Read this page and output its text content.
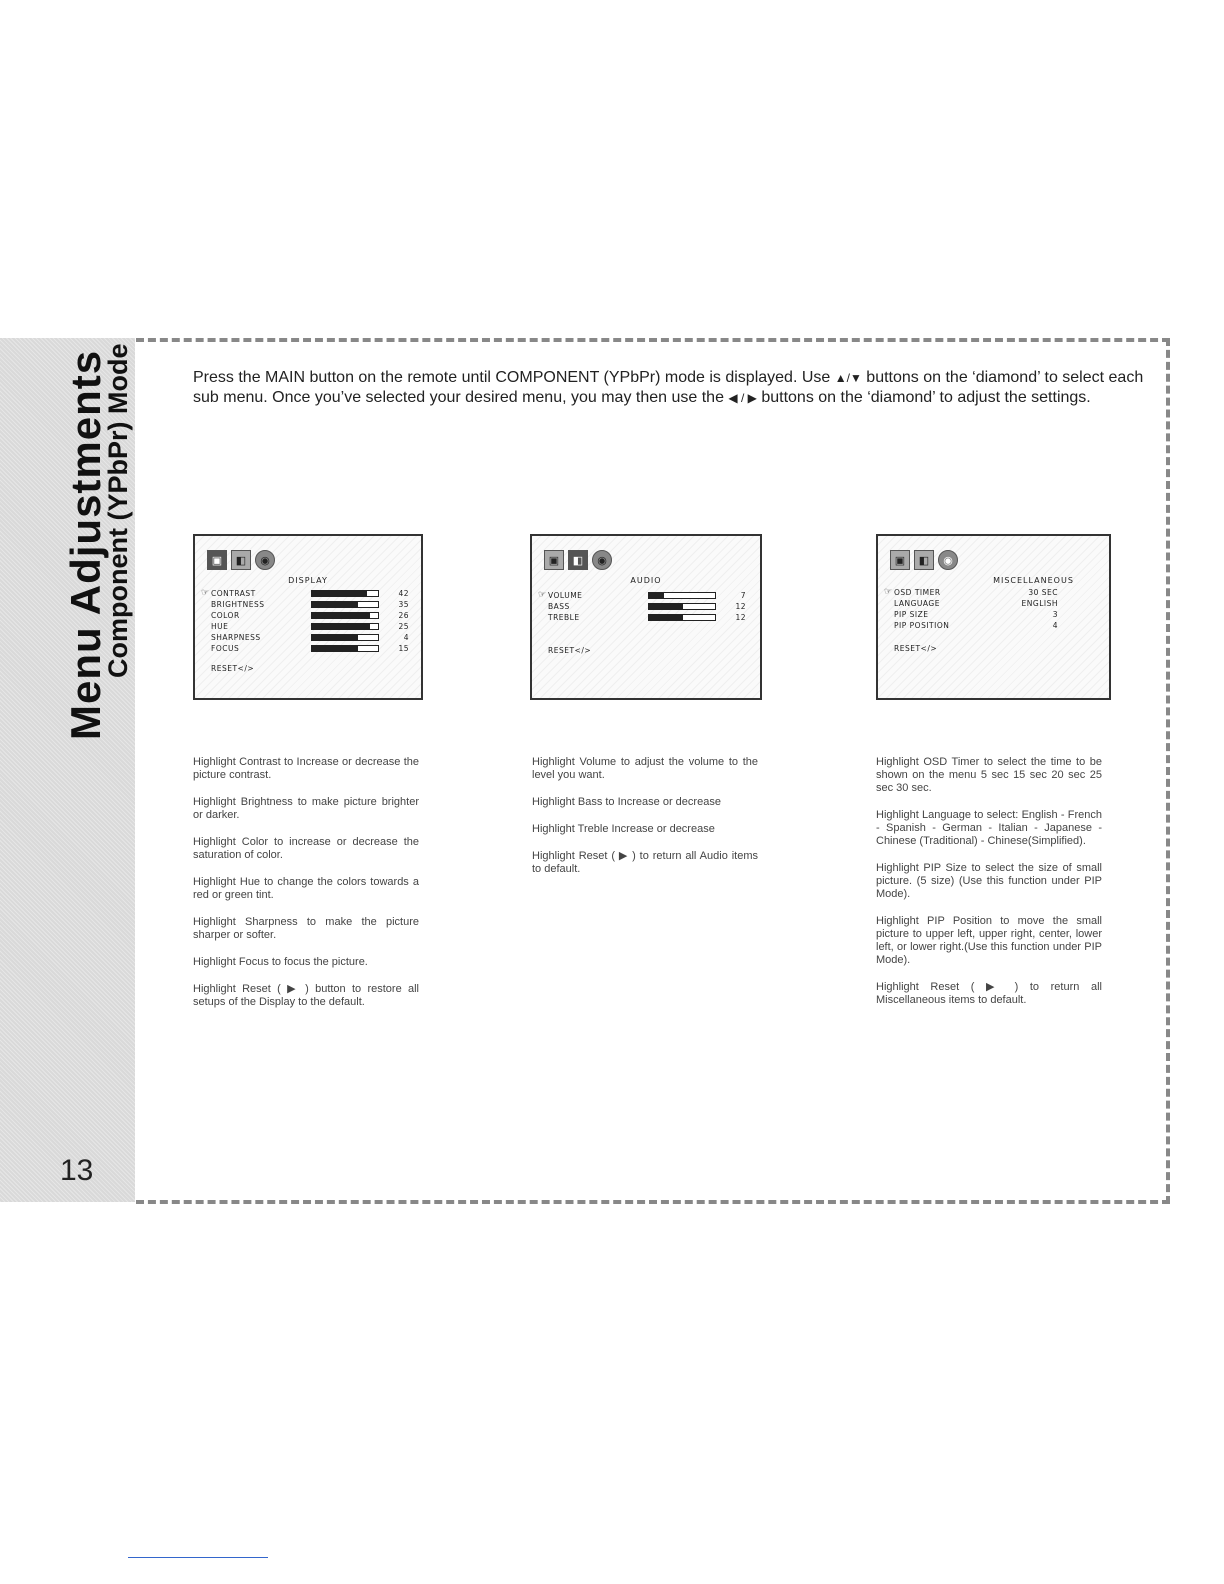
Menu Adjustments
Component (YPbPr) Mode
13
Press the MAIN button on the remote until COMPONENT (YPbPr) mode is displayed. Use ▲/▼ buttons on the ‘diamond’ to select each
sub menu. Once you’ve selected your desired menu, you may then use the ◀ / ▶ buttons on the ‘diamond’ to adjust the settings.
▣	◧	◉
DISPLAY
☞ CONTRAST	42
BRIGHTNESS	35
COLOR	26
HUE	25
SHARPNESS	4
FOCUS	15
RESET</>
▣	◧	◉
AUDIO
☞ VOLUME	7
BASS	12
TREBLE	12
RESET</>
▣	◧	◉
MISCELLANEOUS
☞ OSD TIMER	30 SEC
LANGUAGE	ENGLISH
PIP SIZE	3
PIP POSITION	4
RESET</>

Highlight Contrast to Increase or decrease the picture contrast.

Highlight Brightness to make picture brighter or darker.

Highlight Color to increase or decrease the saturation of color.

Highlight Hue to change the colors towards a red or green tint.

Highlight Sharpness to make the picture sharper or softer.

Highlight Focus to focus the picture.

Highlight Reset ( ▶ ) button to restore all setups of the Display to the default.

Highlight Volume to adjust the volume to the level you want.

Highlight Bass to Increase or decrease

Highlight Treble Increase or decrease

Highlight Reset ( ▶ ) to return all Audio items to default.

Highlight OSD Timer to select the time to be shown on the menu 5 sec 15 sec 20 sec 25 sec 30 sec.

Highlight Language to select: English - French - Spanish - German - Italian - Japanese - Chinese (Traditional) - Chinese(Simplified).

Highlight PIP Size to select the size of small picture. (5 size) (Use this function under PIP Mode).

Highlight PIP Position to move the small picture to upper left, upper right, center, lower left, or lower right.(Use this function under PIP Mode).

Highlight Reset ( ▶ ) to return all Miscellaneous items to default.
